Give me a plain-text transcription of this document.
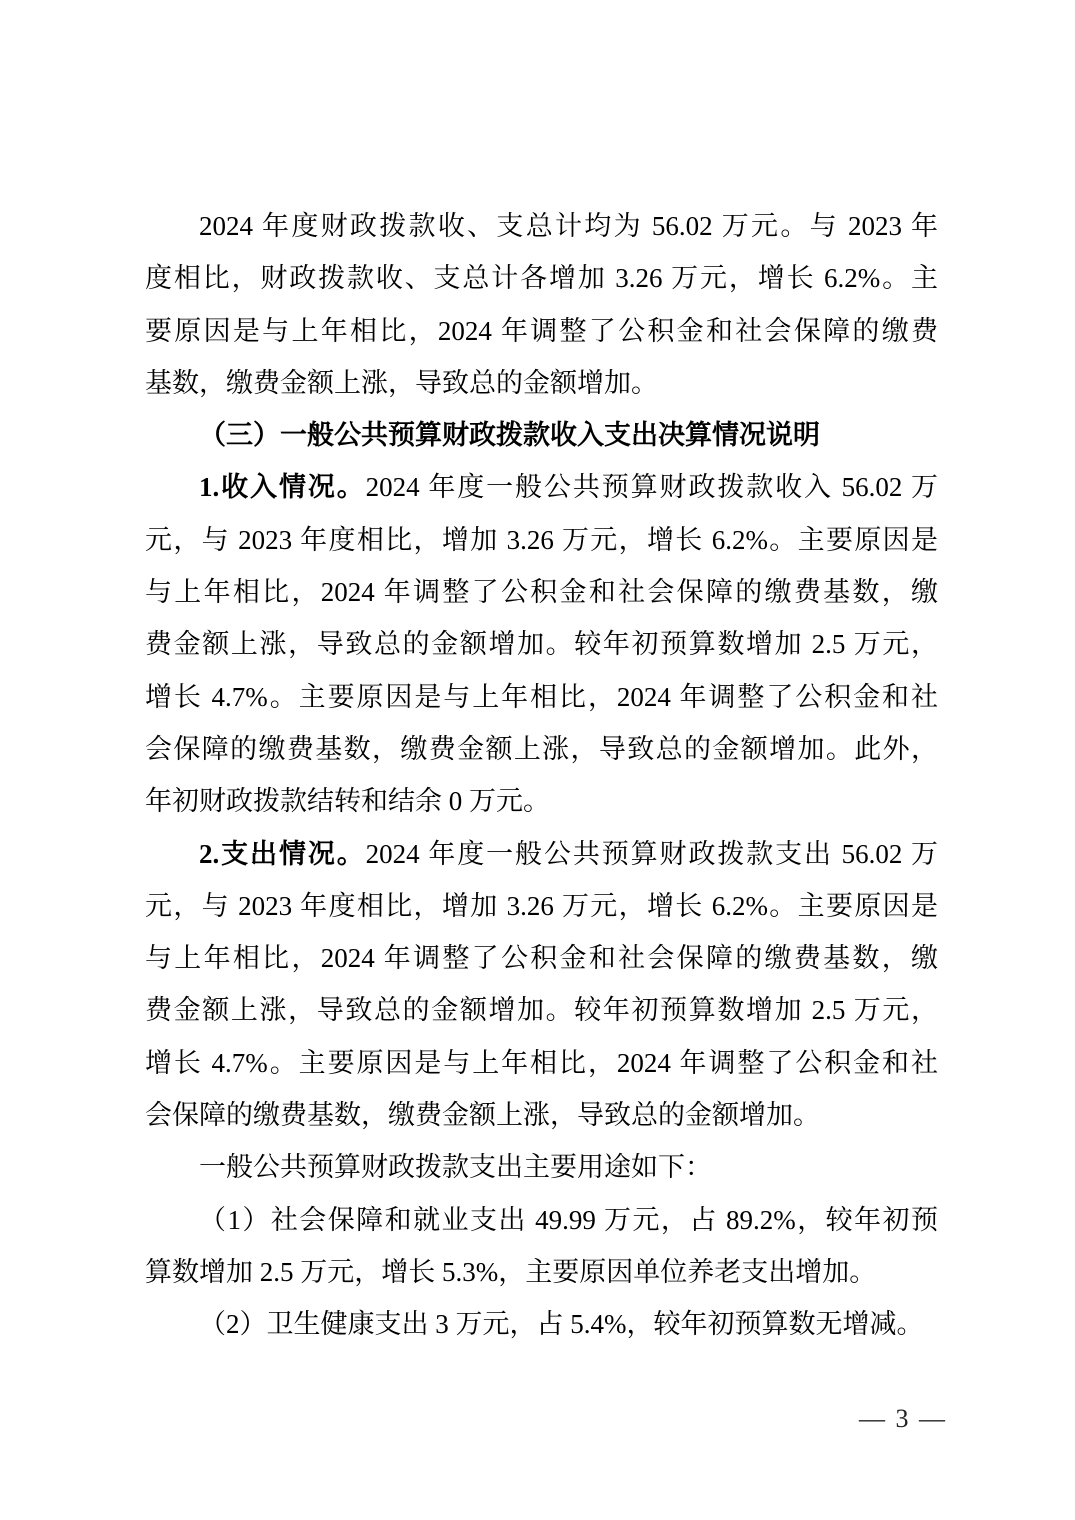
2024 年度财政拨款收、支总计均为 56.02 万元。与 2023 年
度相比，财政拨款收、支总计各增加 3.26 万元，增长 6.2%。主
要原因是与上年相比，2024 年调整了公积金和社会保障的缴费
基数，缴费金额上涨，导致总的金额增加。
（三）一般公共预算财政拨款收入支出决算情况说明
1.收入情况。2024 年度一般公共预算财政拨款收入 56.02 万
元，与 2023 年度相比，增加 3.26 万元，增长 6.2%。主要原因是
与上年相比，2024 年调整了公积金和社会保障的缴费基数，缴
费金额上涨，导致总的金额增加。较年初预算数增加 2.5 万元，
增长 4.7%。主要原因是与上年相比，2024 年调整了公积金和社
会保障的缴费基数，缴费金额上涨，导致总的金额增加。此外，
年初财政拨款结转和结余 0 万元。
2.支出情况。2024 年度一般公共预算财政拨款支出 56.02 万
元，与 2023 年度相比，增加 3.26 万元，增长 6.2%。主要原因是
与上年相比，2024 年调整了公积金和社会保障的缴费基数，缴
费金额上涨，导致总的金额增加。较年初预算数增加 2.5 万元，
增长 4.7%。主要原因是与上年相比，2024 年调整了公积金和社
会保障的缴费基数，缴费金额上涨，导致总的金额增加。
一般公共预算财政拨款支出主要用途如下：
（1）社会保障和就业支出 49.99 万元，占 89.2%，较年初预
算数增加 2.5 万元，增长 5.3%，主要原因单位养老支出增加。
（2）卫生健康支出 3 万元，占 5.4%，较年初预算数无增减。
— 3 —
